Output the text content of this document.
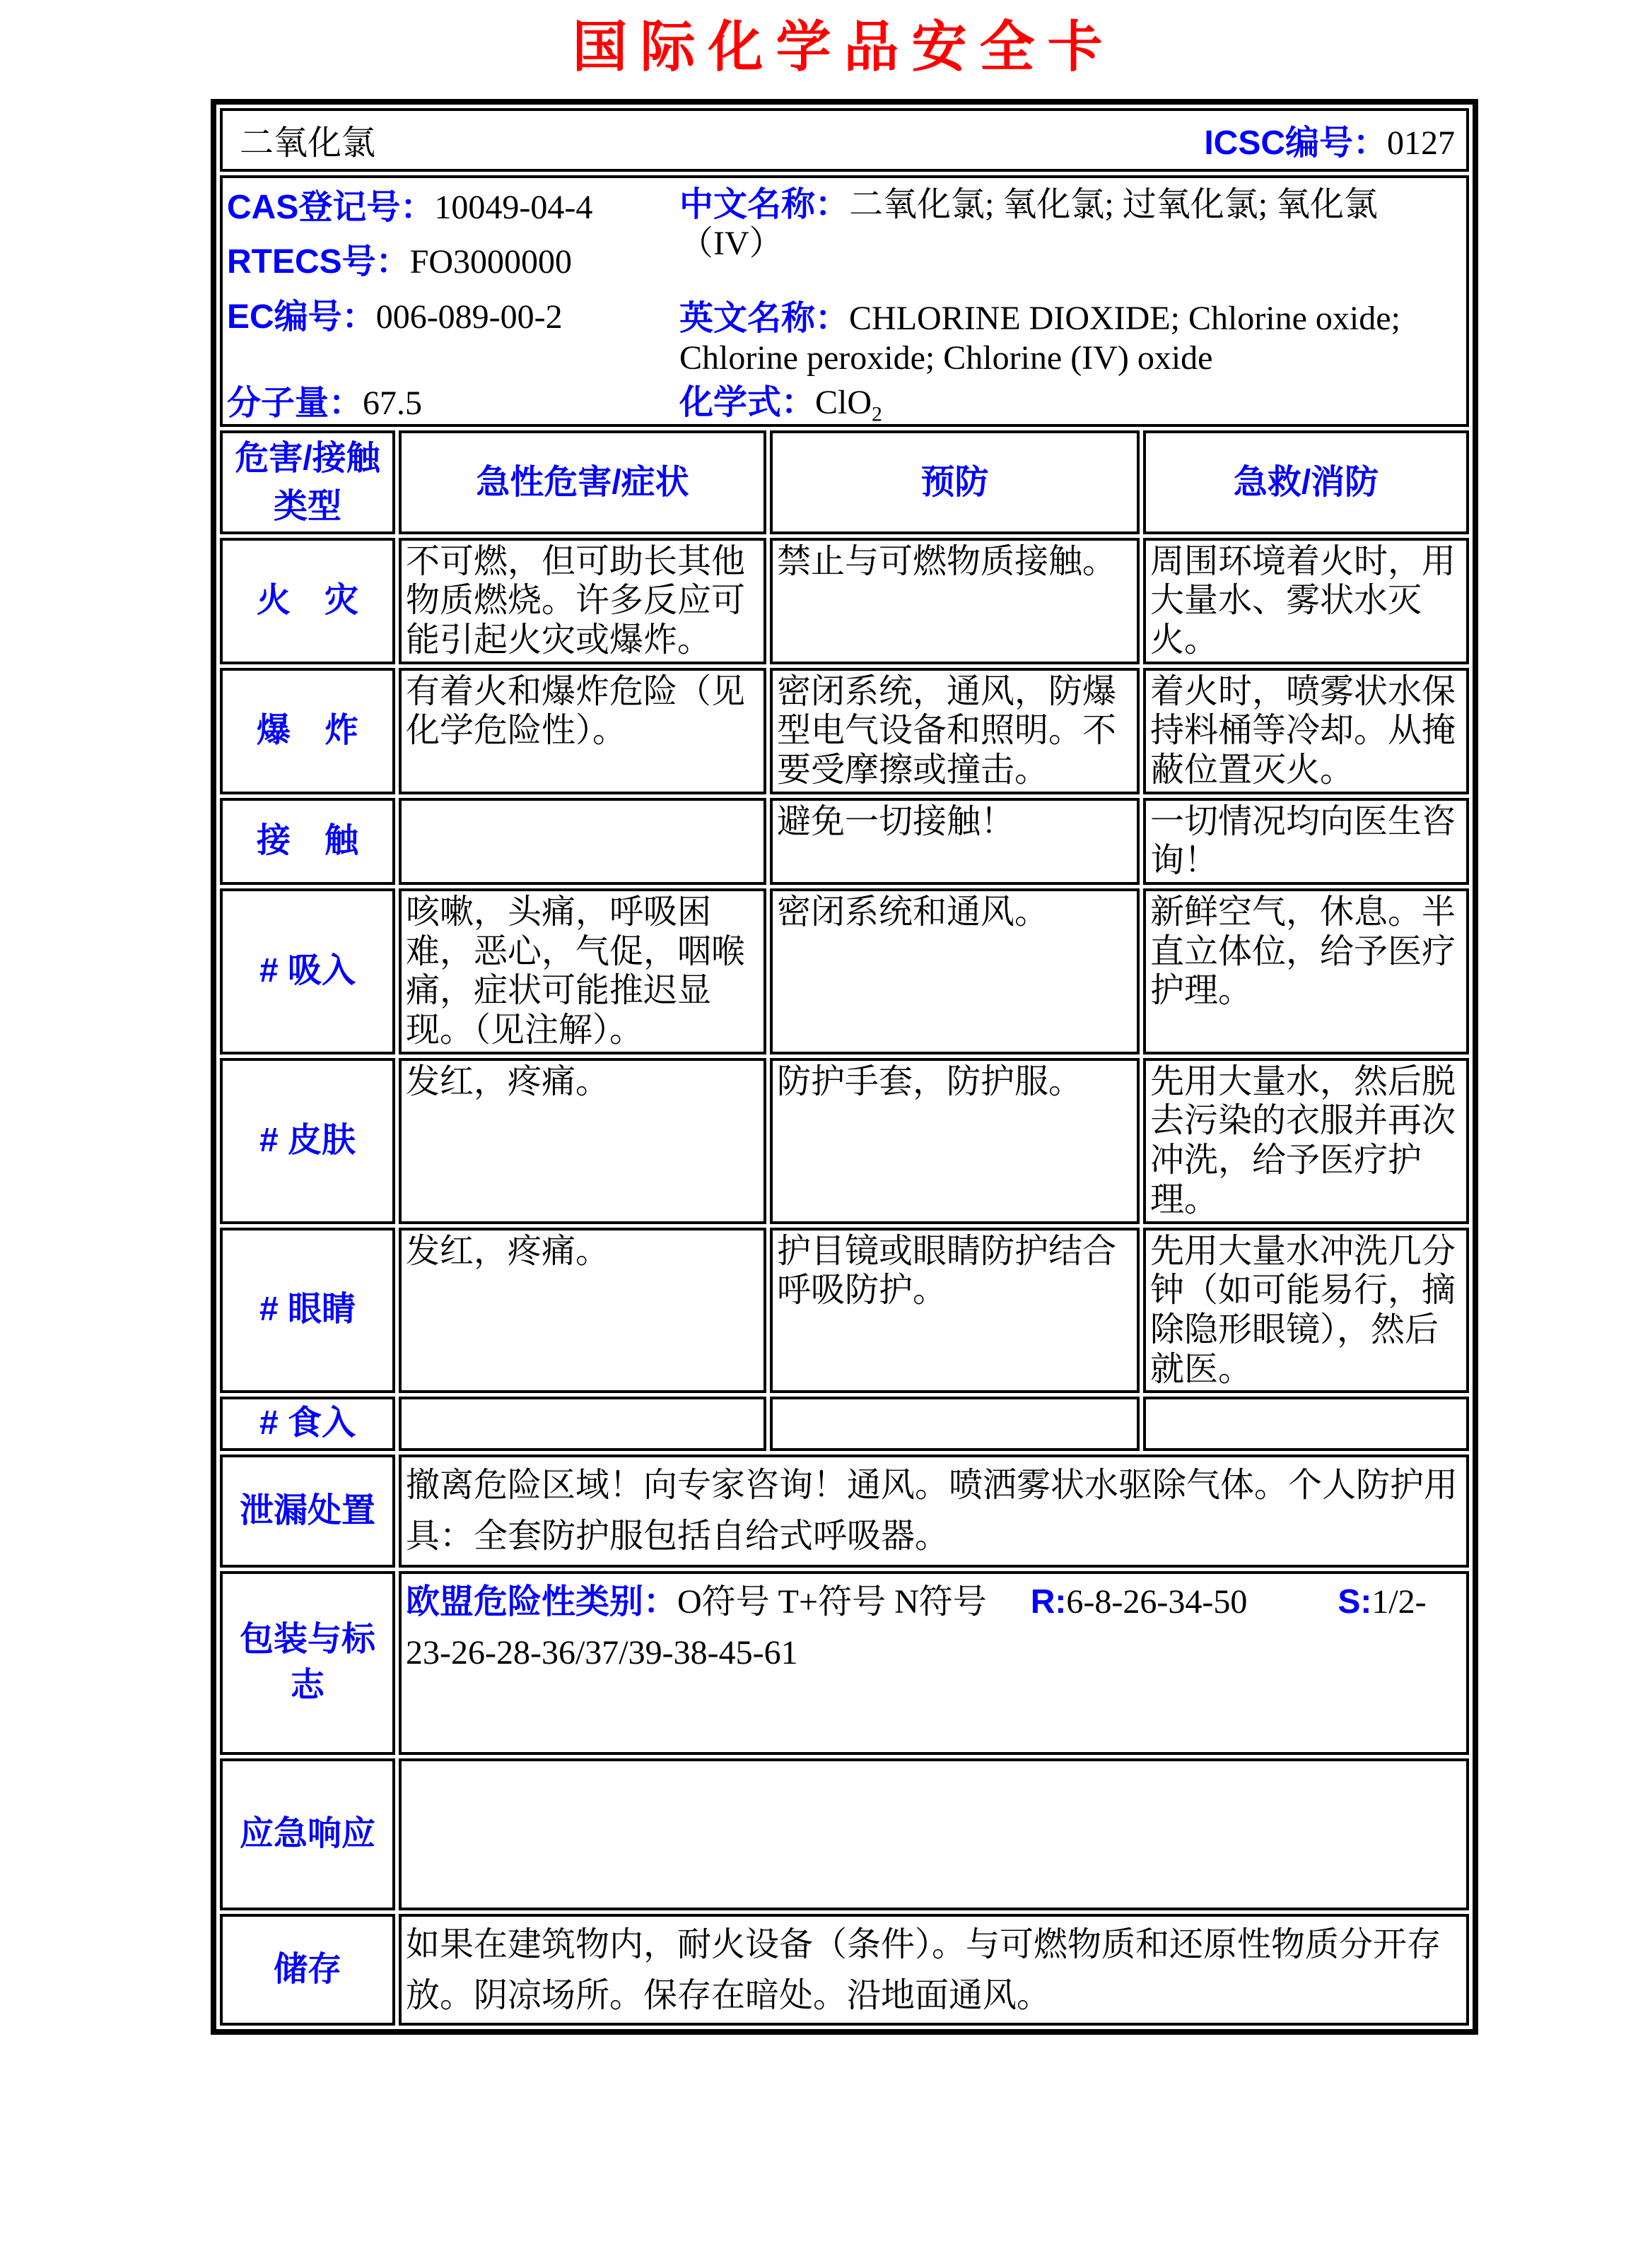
国际化学品安全卡
二氧化氯 ICSC编号：0127			

CAS登记号：10049-04-4
RTECS号：FO3000000
EC编号：006-089-00-2
分子量：67.5
中文名称：二氧化氯; 氧化氯; 过氧化氯; 氧化氯（IV）
英文名称：CHLORINE DIOXIDE; Chlorine oxide; Chlorine peroxide; Chlorine (IV) oxide
化学式：ClO$_2$

危害/接触类型	急性危害/症状	预防	急救/消防
火　灾	不可燃，但可助长其他物质燃烧。许多反应可能引起火灾或爆炸。	禁止与可燃物质接触。	周围环境着火时，用大量水、雾状水灭火。
爆　炸	有着火和爆炸危险（见化学危险性）。	密闭系统，通风，防爆型电气设备和照明。不要受摩擦或撞击。	着火时，喷雾状水保持料桶等冷却。从掩蔽位置灭火。
接　触		避免一切接触！	一切情况均向医生咨询！
# 吸入	咳嗽，头痛，呼吸困难，恶心，气促，咽喉痛，症状可能推迟显现。（见注解）。	密闭系统和通风。	新鲜空气，休息。半直立体位，给予医疗护理。
# 皮肤	发红，疼痛。	防护手套，防护服。	先用大量水，然后脱去污染的衣服并再次冲洗，给予医疗护理。
# 眼睛	发红，疼痛。	护目镜或眼睛防护结合呼吸防护。	先用大量水冲洗几分钟（如可能易行，摘除隐形眼镜），然后就医。
# 食入			
泄漏处置	撤离危险区域！向专家咨询！通风。喷洒雾状水驱除气体。个人防护用具：全套防护服包括自给式呼吸器。		

包装与标志	欧盟危险性类别：O符号 T+符号 N符号 R:6-8-26-34-50 S:1/2-23-26-28-36/37/39-38-45-61		

应急响应			

储存	如果在建筑物内，耐火设备（条件）。与可燃物质和还原性物质分开存放。阴凉场所。保存在暗处。沿地面通风。		
